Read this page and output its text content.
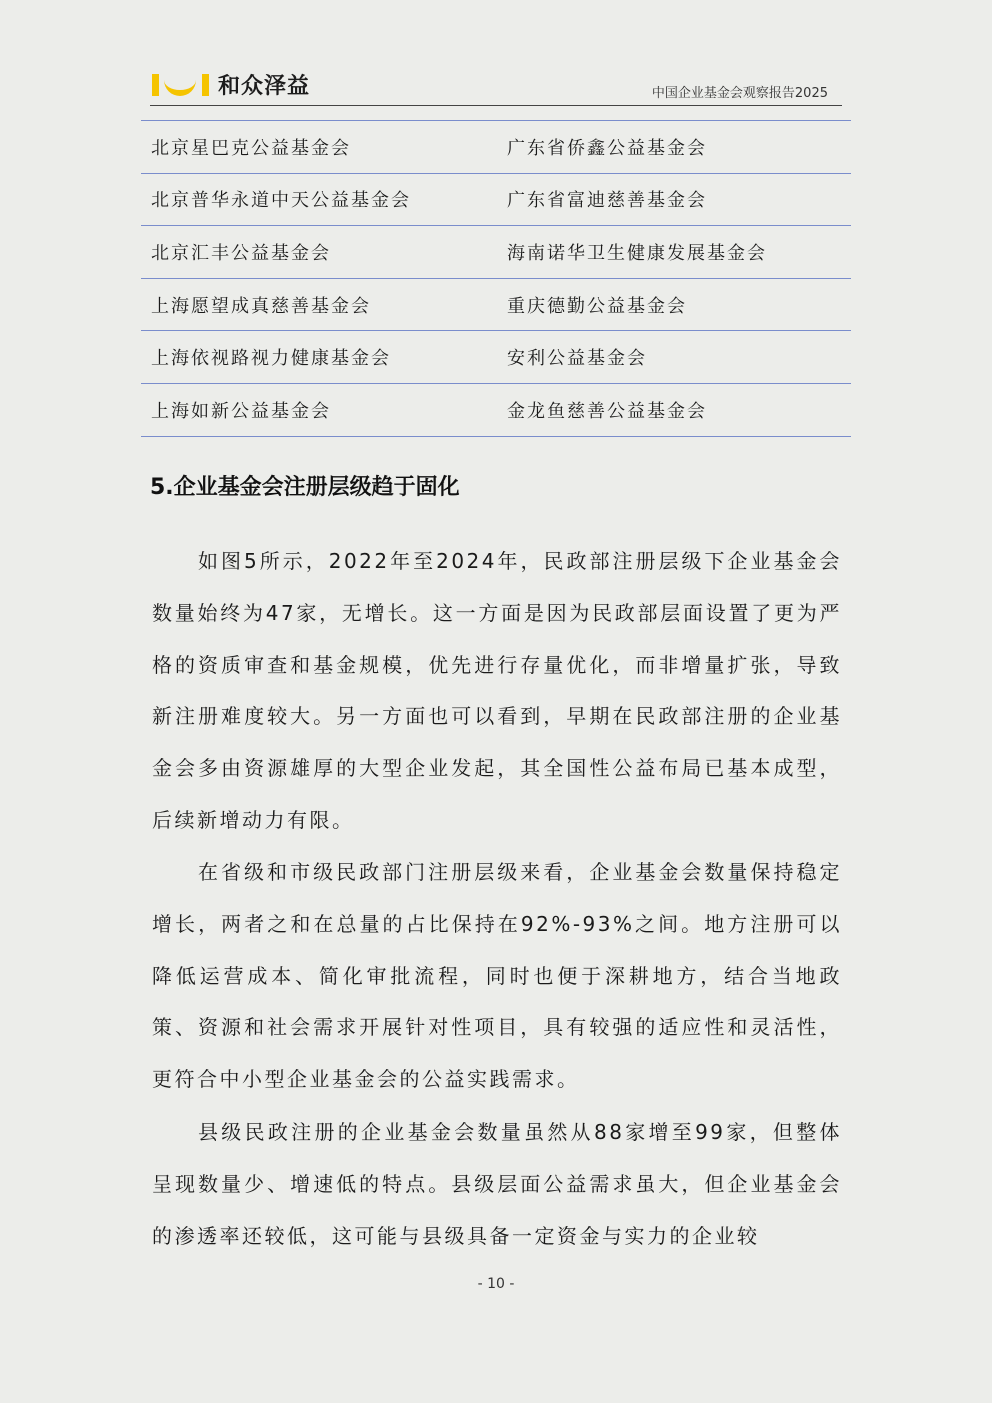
和众泽益	中国企业基金会观察报告2025
北京星巴克公益基金会	广东省侨鑫公益基金会
北京普华永道中天公益基金会	广东省富迪慈善基金会
北京汇丰公益基金会	海南诺华卫生健康发展基金会
上海愿望成真慈善基金会	重庆德勤公益基金会
上海依视路视力健康基金会	安利公益基金会
上海如新公益基金会	金龙鱼慈善公益基金会
5.企业基金会注册层级趋于固化

如图5所示，2022年至2024年，民政部注册层级下企业基金会数量始终为47家，无增长。这一方面是因为民政部层面设置了更为严格的资质审查和基金规模，优先进行存量优化，而非增量扩张，导致新注册难度较大。另一方面也可以看到，早期在民政部注册的企业基金会多由资源雄厚的大型企业发起，其全国性公益布局已基本成型，后续新增动力有限。

在省级和市级民政部门注册层级来看，企业基金会数量保持稳定增长，两者之和在总量的占比保持在92%-93%之间。地方注册可以降低运营成本、简化审批流程，同时也便于深耕地方，结合当地政策、资源和社会需求开展针对性项目，具有较强的适应性和灵活性，更符合中小型企业基金会的公益实践需求。

县级民政注册的企业基金会数量虽然从88家增至99家，但整体呈现数量少、增速低的特点。县级层面公益需求虽大，但企业基金会的渗透率还较低，这可能与县级具备一定资金与实力的企业较

- 10 -
